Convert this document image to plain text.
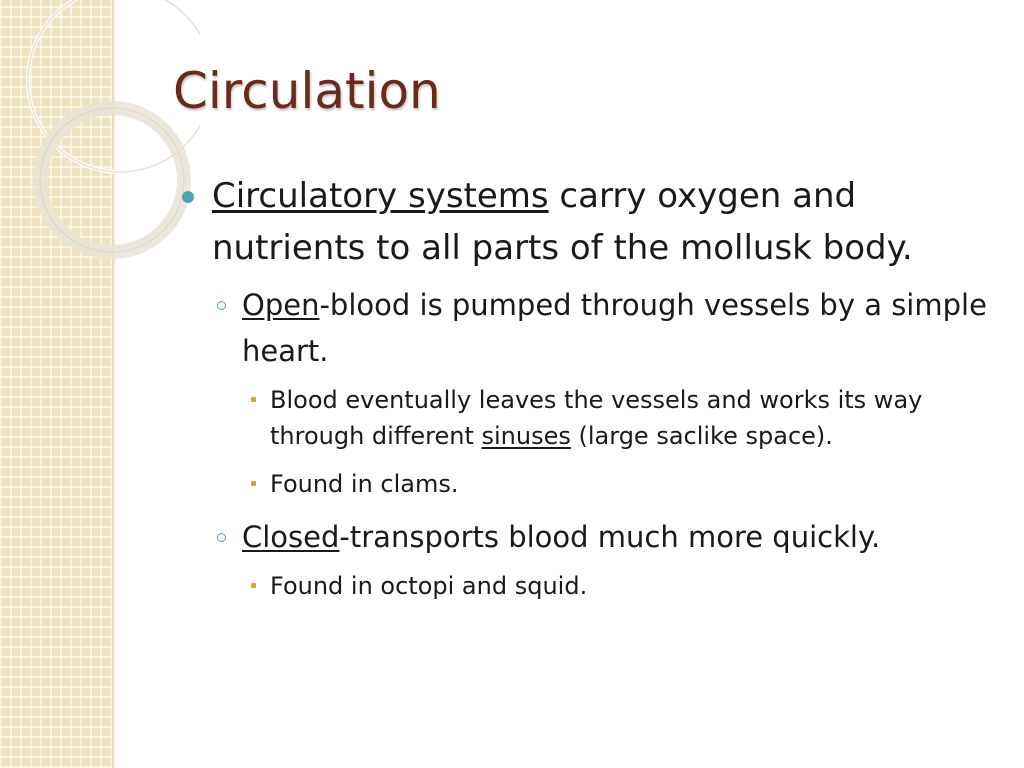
Circulation
Circulatory systems carry oxygen and nutrients to all parts of the mollusk body.
Open-blood is pumped through vessels by a simple heart.
Blood eventually leaves the vessels and works its way through different sinuses (large saclike space).
Found in clams.
Closed-transports blood much more quickly.
Found in octopi and squid.
